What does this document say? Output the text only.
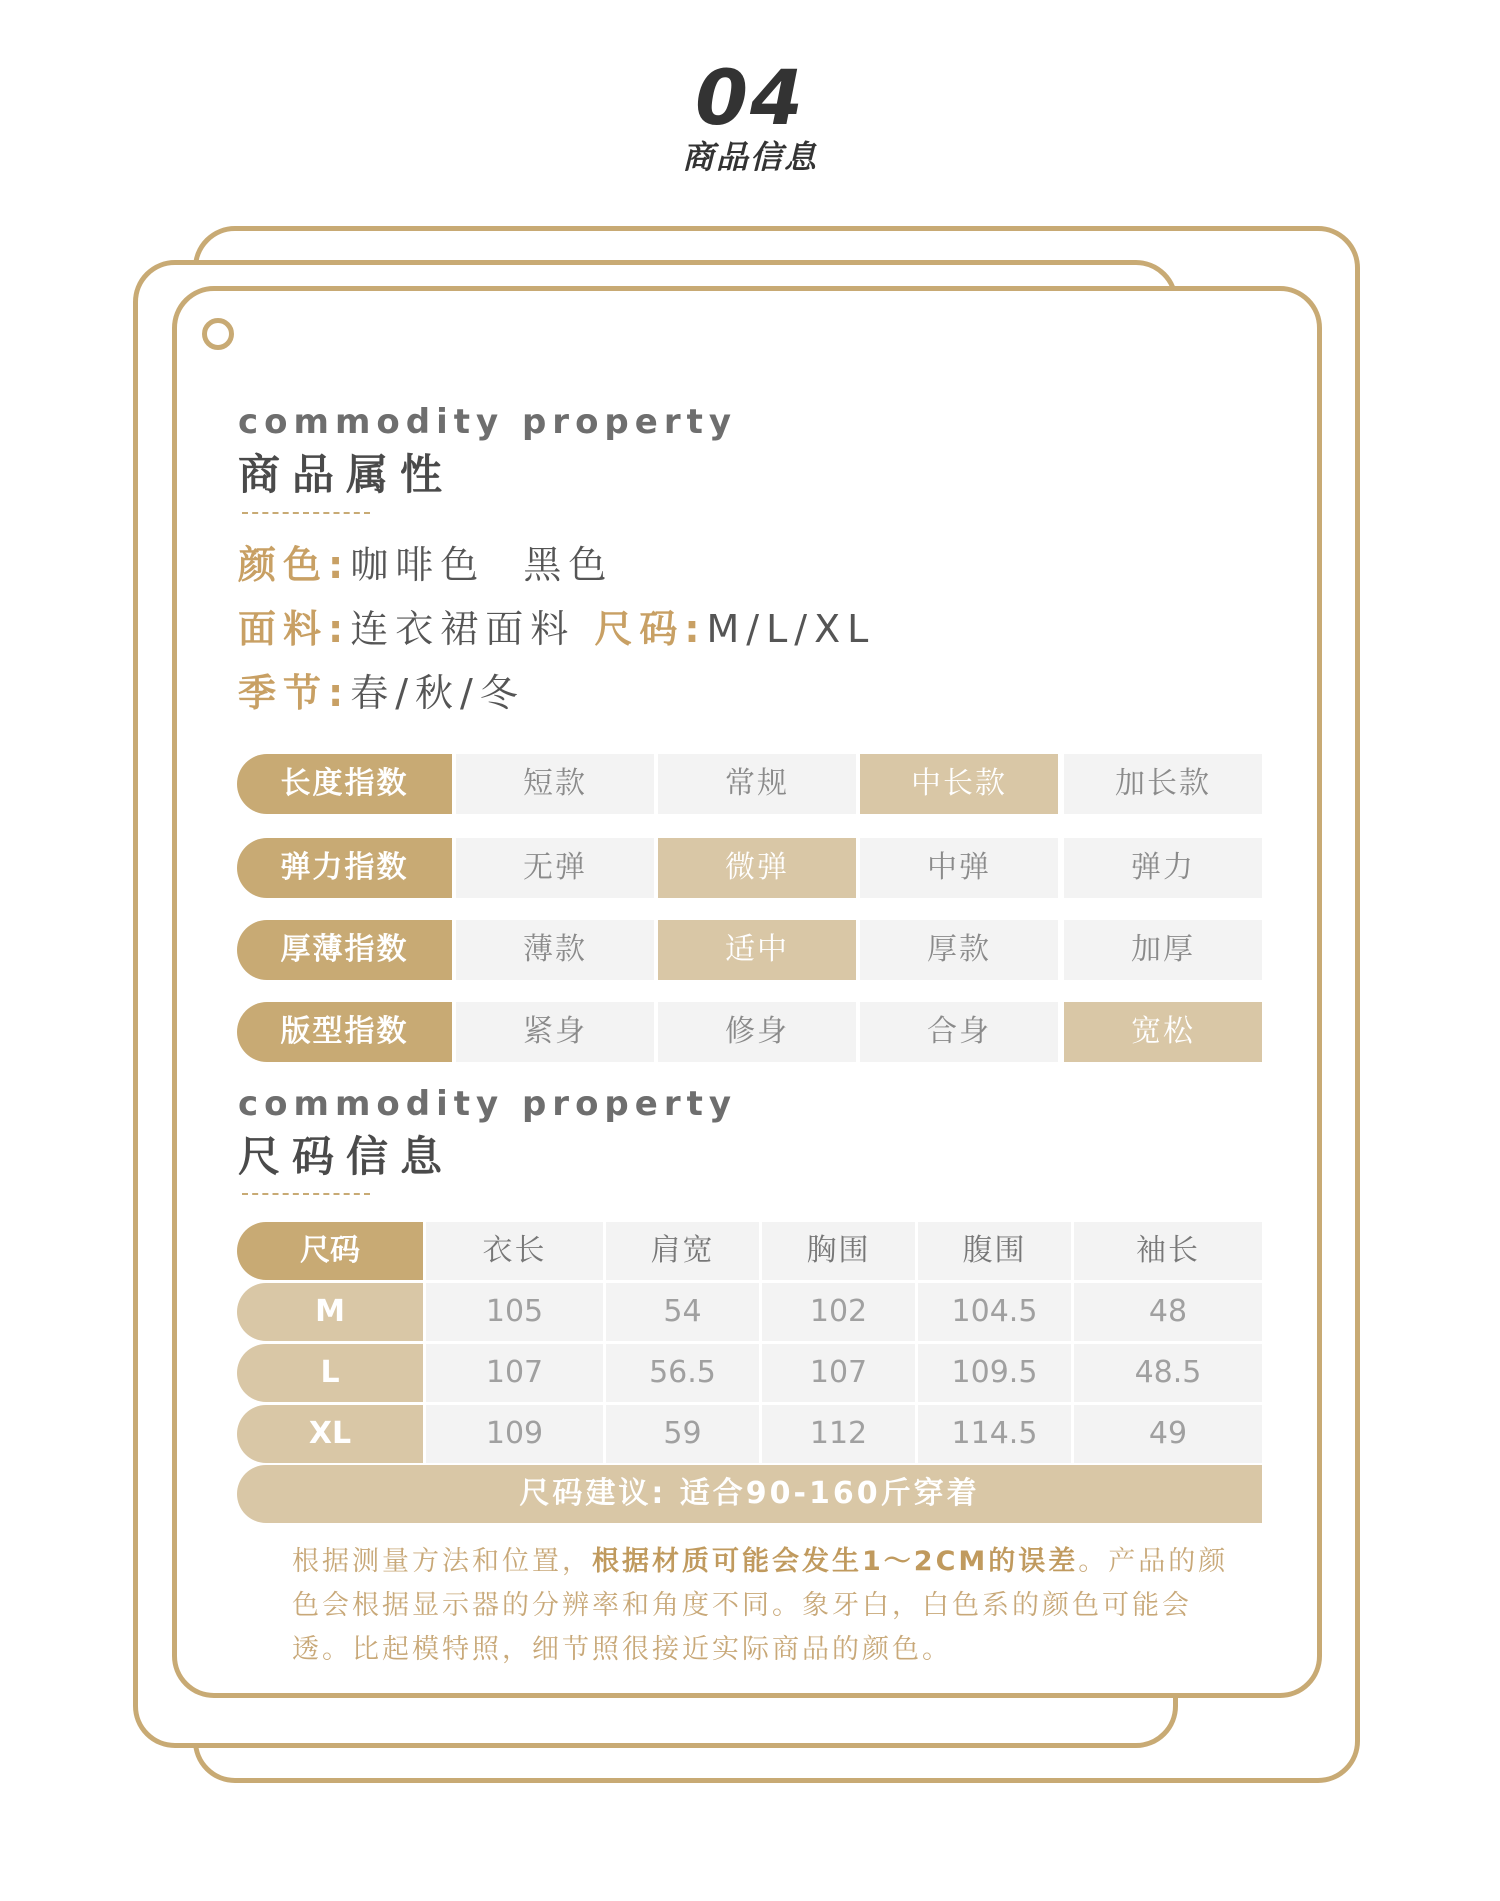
04
商品信息
commodity property
商品属性
颜色:咖啡色  黑色
面料:连衣裙面料 尺码:M/L/XL
季节:春/秋/冬
长度指数	短款	常规	中长款	加长款
弹力指数	无弹	微弹	中弹	弹力
厚薄指数	薄款	适中	厚款	加厚
版型指数	紧身	修身	合身	宽松
commodity property
尺码信息
尺码	衣长	肩宽	胸围	腹围	袖长
M	105	54	102	104.5	48
L	107	56.5	107	109.5	48.5
XL	109	59	112	114.5	49
尺码建议: 适合90-160斤穿着
根据测量方法和位置，根据材质可能会发生1～2CM的误差。产品的颜色会根据显示器的分辨率和角度不同。象牙白，白色系的颜色可能会透。比起模特照，细节照很接近实际商品的颜色。
